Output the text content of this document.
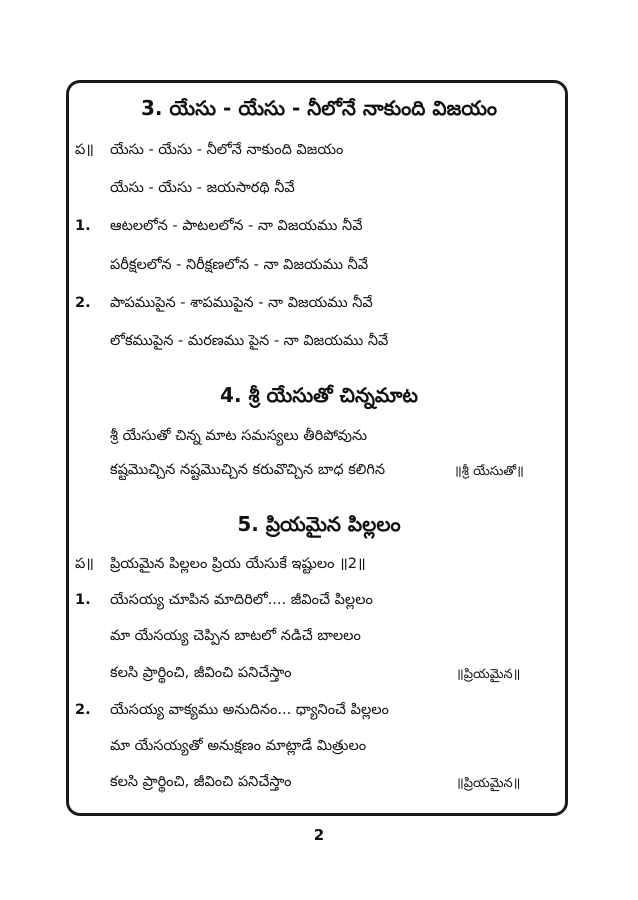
3. యేసు - యేసు - నీలోనే నాకుంది విజయం
ప॥ యేసు - యేసు - నీలోనే నాకుంది విజయం
యేసు - యేసు - జయసారథి నీవే
1. ఆటలలోన - పాటలలోన - నా విజయము నీవే
పరీక్షలలోన - నిరీక్షణలోన - నా విజయము నీవే
2. పాపముపైన - శాపముపైన - నా విజయము నీవే
లోకముపైన - మరణము పైన - నా విజయము నీవే
4. శ్రీ యేసుతో చిన్నమాట
శ్రీ యేసుతో చిన్న మాట సమస్యలు తీరిపోవును
కష్టమొచ్చిన నష్టమొచ్చిన కరువొచ్చిన బాధ కలిగిన	॥శ్రీ యేసుతో॥
5. ప్రియమైన పిల్లలం
ప॥ ప్రియమైన పిల్లలం ప్రియ యేసుకే ఇష్టులం ॥2॥
1. యేసయ్య చూపిన మాదిరిలో.... జీవించే పిల్లలం
మా యేసయ్య చెప్పిన బాటలో నడిచే బాలలం
కలసి ప్రార్థించి, జీవించి పనిచేస్తాం	॥ప్రియమైన॥
2. యేసయ్య వాక్యము అనుదినం... ధ్యానించే పిల్లలం
మా యేసయ్యతో అనుక్షణం మాట్లాడే మిత్రులం
కలసి ప్రార్థించి, జీవించి పనిచేస్తాం	॥ప్రియమైన॥
2
